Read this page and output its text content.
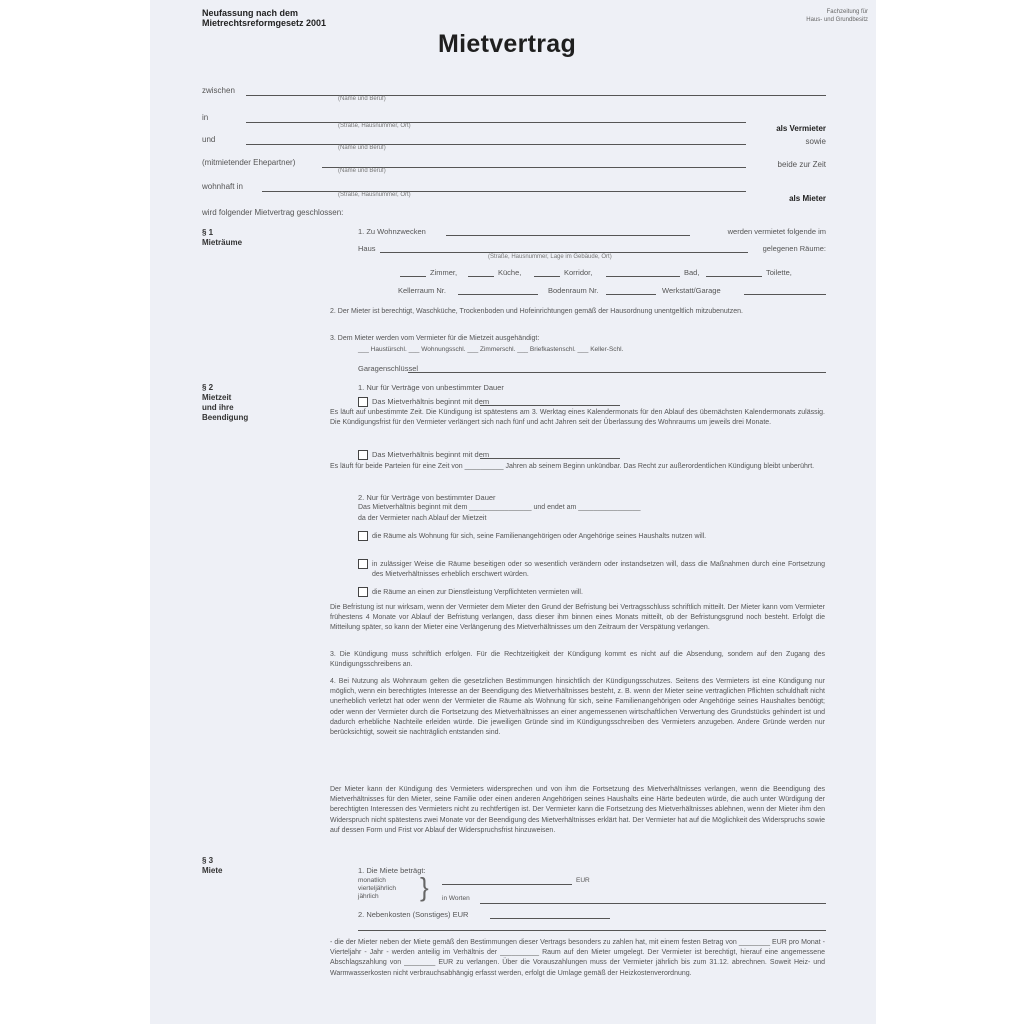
Neufassung nach dem
Mietrechtsreformgesetz 2001
Fachzeitung für
Haus- und Grundbesitz
Mietvertrag
zwischen
(Name und Beruf)
in
(Straße, Hausnummer, Ort)	als Vermieter
und
(Name und Beruf)
sowie
(mitmietender Ehepartner)
(Name und Beruf)
beide zur Zeit
wohnhaft in
(Straße, Hausnummer, Ort)	als Mieter
wird folgender Mietvertrag geschlossen:
§ 1
Mieträume
1. Zu Wohnzwecken	werden vermietet folgende im
Haus	gelegenen Räume:
(Straße, Hausnummer, Lage im Gebäude, Ort)
Zimmer,	Küche,	Korridor,	Bad,	Toilette,
Kellerraum Nr.	Bodenraum Nr.	Werkstatt/Garage
2. Der Mieter ist berechtigt, Waschküche, Trockenboden und Hofeinrichtungen gemäß der Hausordnung unentgeltlich mitzubenutzen.
3. Dem Mieter werden vom Vermieter für die Mietzeit ausgehändigt:
___ Haustürschl. ___ Wohnungsschl. ___ Zimmerschl. ___ Briefkastenschl. ___ Keller-Schl.
Garagenschlüssel
§ 2
Mietzeit
und ihre
Beendigung
1. Nur für Verträge von unbestimmter Dauer
Das Mietverhältnis beginnt mit dem
Es läuft auf unbestimmte Zeit. Die Kündigung ist spätestens am 3. Werktag eines Kalendermonats für den Ablauf des übernächsten Kalendermonats zulässig. Die Kündigungsfrist für den Vermieter verlängert sich nach fünf und acht Jahren seit der Überlassung des Wohnraums um jeweils drei Monate.
Das Mietverhältnis beginnt mit dem
Es läuft für beide Parteien für eine Zeit von __________ Jahren ab seinem Beginn unkündbar. Das Recht zur außerordentlichen Kündigung bleibt unberührt.
2. Nur für Verträge von bestimmter Dauer
Das Mietverhältnis beginnt mit dem ________________ und endet am ________________
da der Vermieter nach Ablauf der Mietzeit
die Räume als Wohnung für sich, seine Familienangehörigen oder Angehörige seines Haushalts nutzen will.
in zulässiger Weise die Räume beseitigen oder so wesentlich verändern oder instandsetzen will, dass die Maßnahmen durch eine Fortsetzung des Mietverhältnisses erheblich erschwert würden.
die Räume an einen zur Dienstleistung Verpflichteten vermieten will.
Die Befristung ist nur wirksam, wenn der Vermieter dem Mieter den Grund der Befristung bei Vertragsschluss schriftlich mitteilt. Der Mieter kann vom Vermieter frühestens 4 Monate vor Ablauf der Befristung verlangen, dass dieser ihm binnen eines Monats mitteilt, ob der Befristungsgrund noch besteht. Erfolgt die Mitteilung später, so kann der Mieter eine Verlängerung des Mietverhältnisses um den Zeitraum der Verspätung verlangen.
3. Die Kündigung muss schriftlich erfolgen. Für die Rechtzeitigkeit der Kündigung kommt es nicht auf die Absendung, sondern auf den Zugang des Kündigungsschreibens an.
4. Bei Nutzung als Wohnraum gelten die gesetzlichen Bestimmungen hinsichtlich der Kündigungsschutzes. Seitens des Vermieters ist eine Kündigung nur möglich, wenn ein berechtigtes Interesse an der Beendigung des Mietverhältnisses besteht, z. B. wenn der Mieter seine vertraglichen Pflichten schuldhaft nicht unerheblich verletzt hat oder wenn der Vermieter die Räume als Wohnung für sich, seine Familienangehörigen oder Angehörige seines Haushaltes benötigt; oder wenn der Vermieter durch die Fortsetzung des Mietverhältnisses an einer angemessenen wirtschaftlichen Verwertung des Grundstücks gehindert ist und dadurch erhebliche Nachteile erleiden würde. Die jeweiligen Gründe sind im Kündigungsschreiben des Vermieters anzugeben. Andere Gründe werden nur berücksichtigt, soweit sie nachträglich entstanden sind.
Der Mieter kann der Kündigung des Vermieters widersprechen und von ihm die Fortsetzung des Mietverhältnisses verlangen, wenn die Beendigung des Mietverhältnisses für den Mieter, seine Familie oder einen anderen Angehörigen seines Haushalts eine Härte bedeuten würde, die auch unter Würdigung der berechtigten Interessen des Vermieters nicht zu rechtfertigen ist. Der Vermieter kann die Fortsetzung des Mietverhältnisses ablehnen, wenn der Mieter ihm den Widerspruch nicht spätestens zwei Monate vor der Beendigung des Mietverhältnisses erklärt hat. Der Vermieter hat auf die Möglichkeit des Widerspruchs sowie auf dessen Form und Frist vor Ablauf der Widerspruchsfrist hinzuweisen.
§ 3
Miete	1. Die Miete beträgt:
monatlich
vierteljährlich
jährlich	}	EUR
in Worten
2. Nebenkosten (Sonstiges) EUR
- die der Mieter neben der Miete gemäß den Bestimmungen dieser Vertrags besonders zu zahlen hat, mit einem festen Betrag von ________ EUR pro Monat - Vierteljahr - Jahr - werden anteilig im Verhältnis der __________ Raum auf den Mieter umgelegt. Der Vermieter ist berechtigt, hierauf eine angemessene Abschlagszahlung von ________ EUR zu verlangen. Über die Vorauszahlungen muss der Vermieter jährlich bis zum 31.12. abrechnen. Soweit Heiz- und Warmwasserkosten nicht verbrauchsabhängig erfasst werden, erfolgt die Umlage gemäß der Heizkostenverordnung.
